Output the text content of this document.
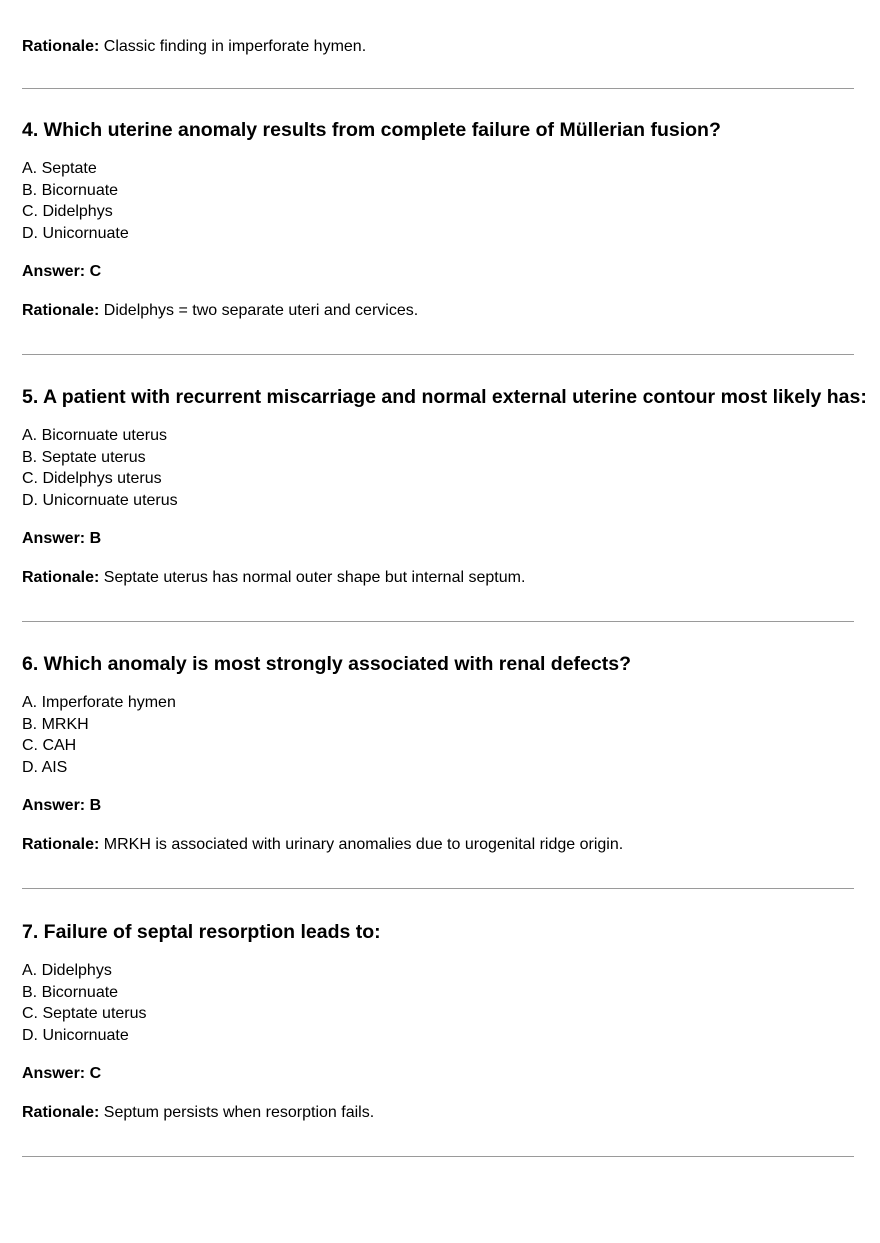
Rationale: Classic finding in imperforate hymen.

4. Which uterine anomaly results from complete failure of Müllerian fusion?

A. Septate
B. Bicornuate
C. Didelphys
D. Unicornuate

Answer: C

Rationale: Didelphys = two separate uteri and cervices.

5. A patient with recurrent miscarriage and normal external uterine contour most likely has:

A. Bicornuate uterus
B. Septate uterus
C. Didelphys uterus
D. Unicornuate uterus

Answer: B

Rationale: Septate uterus has normal outer shape but internal septum.

6. Which anomaly is most strongly associated with renal defects?

A. Imperforate hymen
B. MRKH
C. CAH
D. AIS

Answer: B

Rationale: MRKH is associated with urinary anomalies due to urogenital ridge origin.

7. Failure of septal resorption leads to:

A. Didelphys
B. Bicornuate
C. Septate uterus
D. Unicornuate

Answer: C

Rationale: Septum persists when resorption fails.
